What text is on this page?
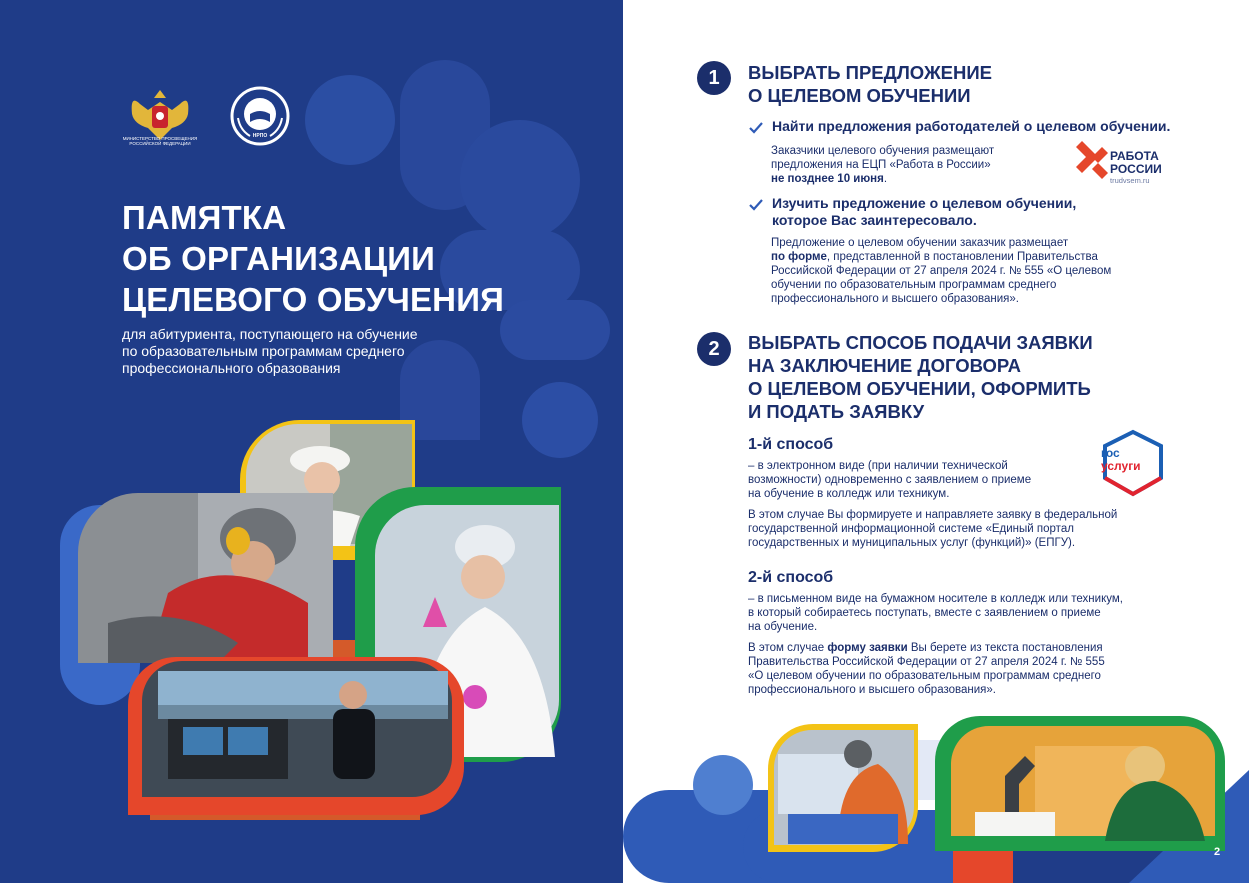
МИНИСТЕРСТВО ПРОСВЕЩЕНИЯ РОССИЙСКОЙ ФЕДЕРАЦИИ
НРПО
ПАМЯТКА
ОБ ОРГАНИЗАЦИИ
ЦЕЛЕВОГО ОБУЧЕНИЯ
для абитуриента, поступающего на обучение
по образовательным программам среднего
профессионального образования
1	ВЫБРАТЬ ПРЕДЛОЖЕНИЕ
О ЦЕЛЕВОМ ОБУЧЕНИИ
Найти предложения работодателей о целевом обучении.
Заказчики целевого обучения размещают
предложения на ЕЦП «Работа в России»
не позднее 10 июня.
РАБОТА
РОССИИ
trudvsem.ru
Изучить предложение о целевом обучении,
которое Вас заинтересовало.
Предложение о целевом обучении заказчик размещает
по форме, представленной в постановлении Правительства
Российской Федерации от 27 апреля 2024 г. № 555 «О целевом
обучении по образовательным программам среднего
профессионального и высшего образования».
2	ВЫБРАТЬ СПОСОБ ПОДАЧИ ЗАЯВКИ
НА ЗАКЛЮЧЕНИЕ ДОГОВОРА
О ЦЕЛЕВОМ ОБУЧЕНИИ, ОФОРМИТЬ
И ПОДАТЬ ЗАЯВКУ
1-й способ
– в электронном виде (при наличии технической
возможности) одновременно с заявлением о приеме
на обучение в колледж или техникум.
В этом случае Вы формируете и направляете заявку в федеральной
государственной информационной системе «Единый портал
государственных и муниципальных услуг (функций)» (ЕПГУ).
гос
услуги
2-й способ
– в письменном виде на бумажном носителе в колледж или техникум,
в который собираетесь поступать, вместе с заявлением о приеме
на обучение.
В этом случае форму заявки Вы берете из текста постановления
Правительства Российской Федерации от 27 апреля 2024 г. № 555
«О целевом обучении по образовательным программам среднего
профессионального и высшего образования».
2
